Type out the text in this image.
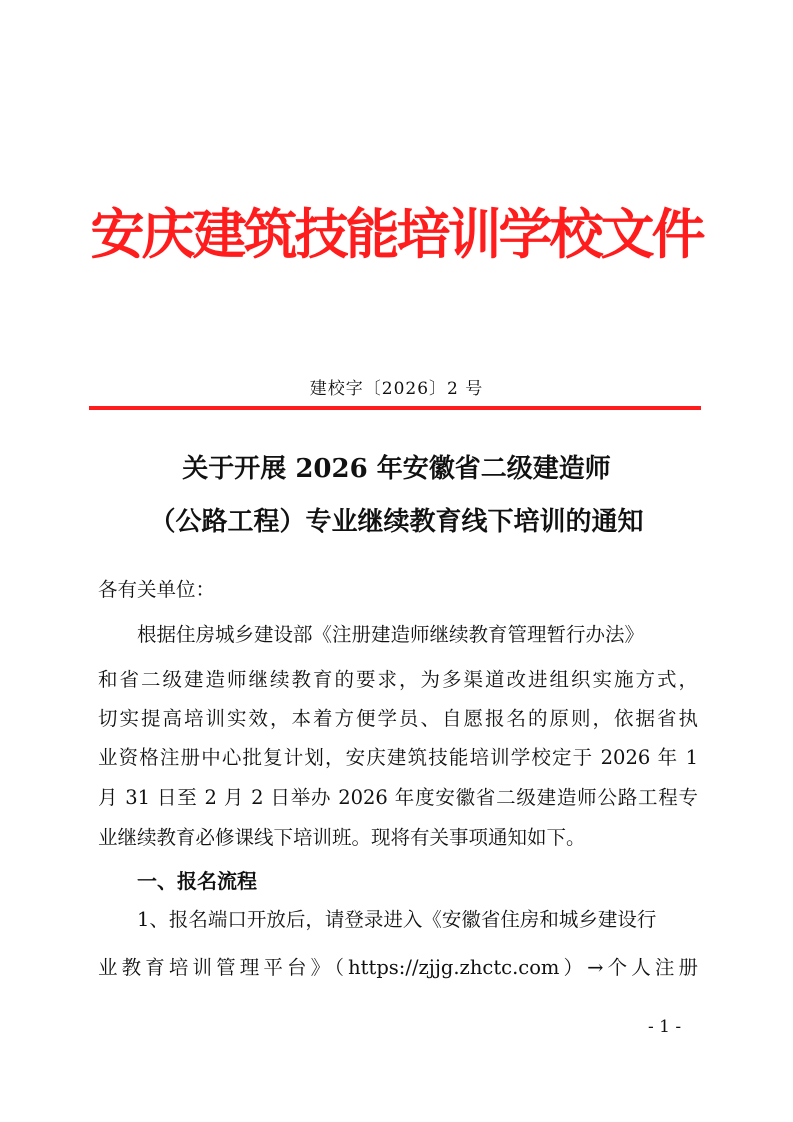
安庆建筑技能培训学校文件
建校字〔2026〕2 号
关于开展 2026 年安徽省二级建造师
（公路工程）专业继续教育线下培训的通知
各有关单位：
根据住房城乡建设部《注册建造师继续教育管理暂行办法》
和省二级建造师继续教育的要求，为多渠道改进组织实施方式，
切实提高培训实效，本着方便学员、自愿报名的原则，依据省执
业资格注册中心批复计划，安庆建筑技能培训学校定于 2026 年 1
月 31 日至 2 月 2 日举办 2026 年度安徽省二级建造师公路工程专
业继续教育必修课线下培训班。现将有关事项通知如下。
一、报名流程
1、报名端口开放后，请登录进入《安徽省住房和城乡建设行
业教育培训管理平台》（https://zjjg.zhctc.com）→个人注册
- 1 -
